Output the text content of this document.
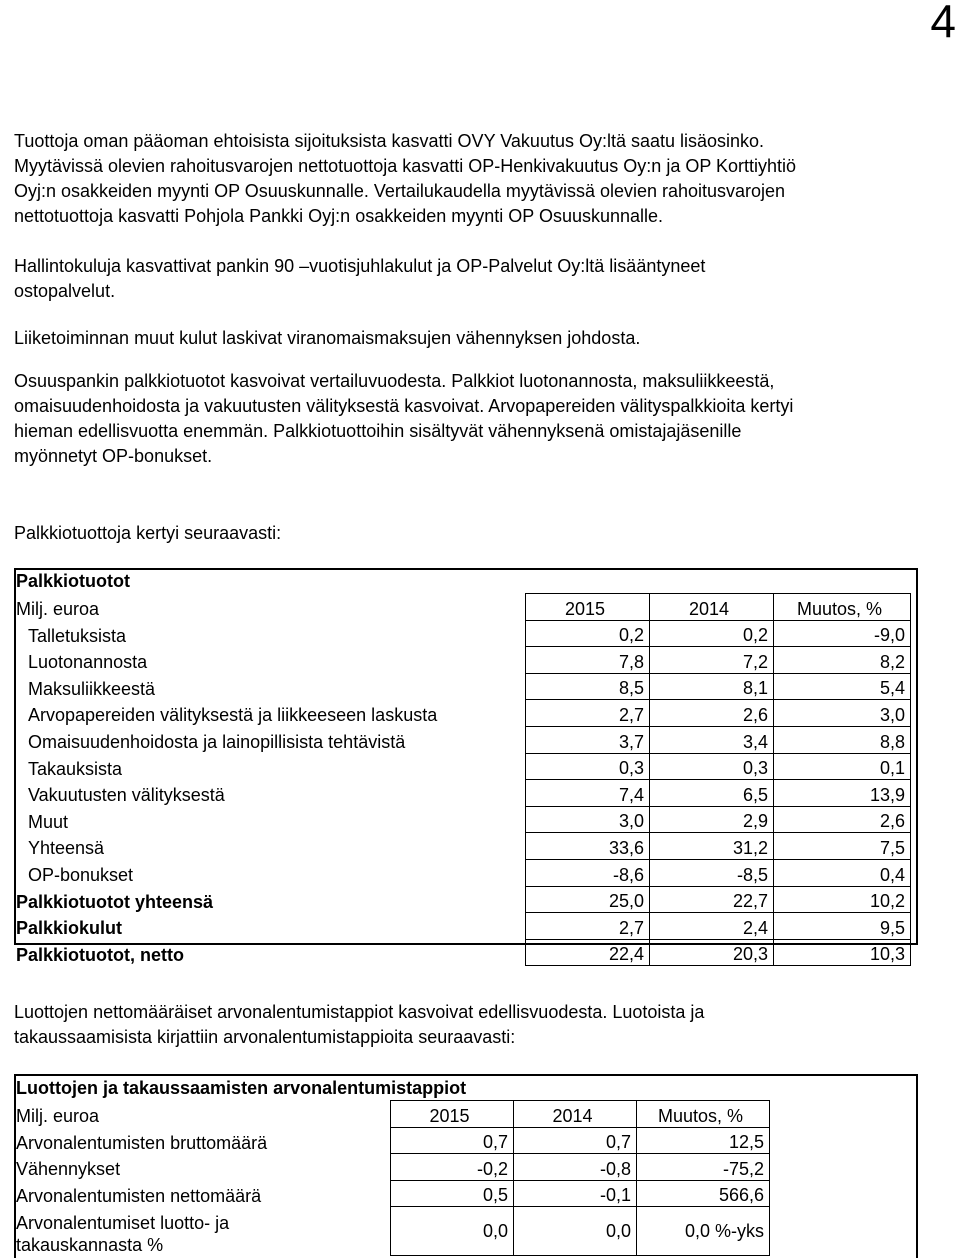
4
Tuottoja oman pääoman ehtoisista sijoituksista kasvatti OVY Vakuutus Oy:ltä saatu lisäosinko.
Myytävissä olevien rahoitusvarojen nettotuottoja kasvatti OP-Henkivakuutus Oy:n ja OP Korttiyhtiö
Oyj:n osakkeiden myynti OP Osuuskunnalle. Vertailukaudella myytävissä olevien rahoitusvarojen
nettotuottoja kasvatti Pohjola Pankki Oyj:n osakkeiden myynti OP Osuuskunnalle.
Hallintokuluja kasvattivat pankin 90 –vuotisjuhlakulut ja OP-Palvelut Oy:ltä lisääntyneet
ostopalvelut.
Liiketoiminnan muut kulut laskivat viranomaismaksujen vähennyksen johdosta.
Osuuspankin palkkiotuotot kasvoivat vertailuvuodesta. Palkkiot luotonannosta, maksuliikkeestä,
omaisuudenhoidosta ja vakuutusten välityksestä kasvoivat. Arvopapereiden välityspalkkioita kertyi
hieman edellisvuotta enemmän. Palkkiotuottoihin sisältyvät vähennyksenä omistajajäsenille
myönnetyt OP-bonukset.
Palkkiotuottoja kertyi seuraavasti:
Palkkiotuotot
Milj. euroa	2015	2014	Muutos, %
Talletuksista	0,2	0,2	-9,0
Luotonannosta	7,8	7,2	8,2
Maksuliikkeestä	8,5	8,1	5,4
Arvopapereiden välityksestä ja liikkeeseen laskusta	2,7	2,6	3,0
Omaisuudenhoidosta ja lainopillisista tehtävistä	3,7	3,4	8,8
Takauksista	0,3	0,3	0,1
Vakuutusten välityksestä	7,4	6,5	13,9
Muut	3,0	2,9	2,6
Yhteensä	33,6	31,2	7,5
OP-bonukset	-8,6	-8,5	0,4
Palkkiotuotot yhteensä	25,0	22,7	10,2
Palkkiokulut	2,7	2,4	9,5
Palkkiotuotot, netto	22,4	20,3	10,3
Luottojen nettomääräiset arvonalentumistappiot kasvoivat edellisvuodesta. Luotoista ja
takaussaamisista kirjattiin arvonalentumistappioita seuraavasti:
Luottojen ja takaussaamisten arvonalentumistappiot
Milj. euroa	2015	2014	Muutos, %
Arvonalentumisten bruttomäärä	0,7	0,7	12,5
Vähennykset	-0,2	-0,8	-75,2
Arvonalentumisten nettomäärä	0,5	-0,1	566,6

Arvonalentumiset luotto- ja
takauskannasta %	0,0	0,0	0,0 %-yks
